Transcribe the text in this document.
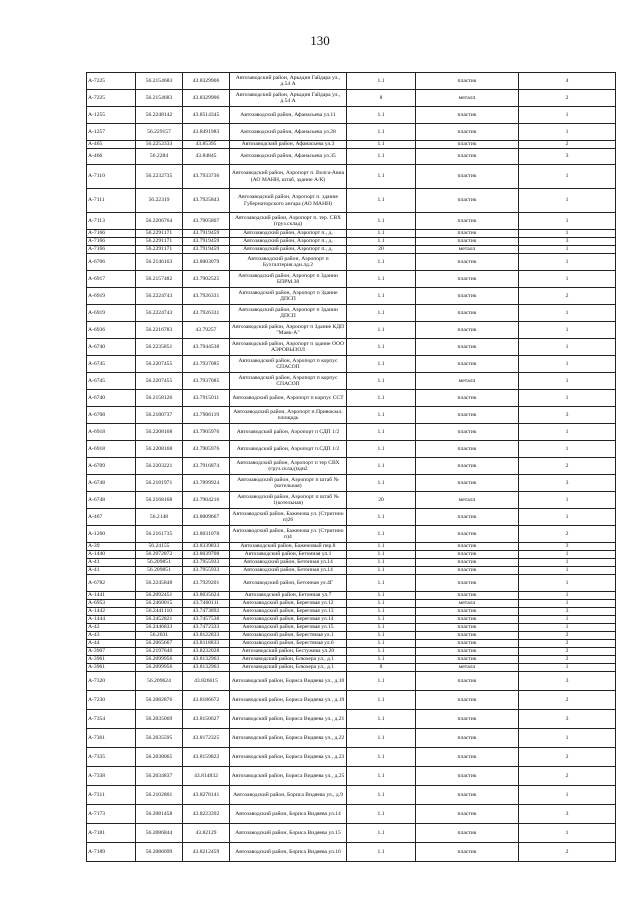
130
А-7225	56.2154683	43.8329906	Автозаводский район, Аркадия Гайдара ул., д.54 А	1.1	пластик	4
А-7225	56.2154683	43.8329906	Автозаводский район, Аркадия Гайдара ул., д.54 А	8	металл	2
А-1255	56.2248142	43.8514345	Автозаводский район, Афанасьева ул.11	1.1	пластик	1
А-1257	56.229157	43.8491983	Автозаводский район, Афанасьева ул.28	1.1	пластик	1
А-465	56.2252333	43.85395	Автозаводский район, Афанасьева ул.3	1.1	пластик	2
А-466	56.2284	43.84845	Автозаводский район, Афанасьева ул.35	1.1	пластик	3
А-7110	56.2232735	43.7933736	Автозаводский район, Аэропорт п. Волга-Авиа (АО МАНН, штаб, здание А/К)	1.1	пластик	1
А-7111	56.22319	43.7925843	Автозаводский район, Аэропорт п. здание Губернаторского ангара (АО МАНН)	1.1	пластик	1
А-7113	56.2206764	43.7905807	Автозаводский район, Аэропорт п. тер. СВХ (груз.склад)	1.1	пластик	1
А-7166	56.2291171	43.7919459	Автозаводский район, Аэропорт п., д.	1.1	пластик	1
А-7166	56.2291171	43.7919459	Автозаводский район, Аэропорт п., д.	1.1	пластик	3
А-7166	56.2291171	43.7919459	Автозаводский район, Аэропорт п., д.	20	металл	1
А-6706	56.2146163	43.8003079	Автозаводский район, Аэропорт п Бухгалтерия.здн.лд.2	1.1	пластик	1
А-6917	56.2157482	43.7902525	Автозаводский район, Аэропорт п Здании БПРМ.38	1.1	пластик	1
А-6919	56.2224743	43.7926331	Автозаводский район, Аэропорт п Здание ДПСП	1.1	пластик	2
А-6919	56.2224743	43.7926331	Автозаводский район, Аэропорт п Здании ДПСП	1.1	пластик	1
А-6936	56.2216783	43.79257	Автозаводский район, Аэропорт п Здание КДП "Маяк-А"	1.1	пластик	1
А-6740	56.2235851	43.7944538	Автозаводский район, Аэропорт п здание ООО АЭРОВЫЗОЛ	1.1	пластик	1
А-6745	56.2207455	43.7937085	Автозаводский район, Аэропорт п корпус СПАСОП	1.1	пластик	1
А-6745	56.2207455	43.7937085	Автозаводский район, Аэропорт п корпус СПАСОП	1.1	металл	1
А-6740	56.2158126	43.7915011	Автозаводский район, Аэропорт п корпус ССТ	1.1	пластик	1
А-6708	56.2180737	43.7906119	Автозаводский район, Аэропорт п.Привокзал. площадь	1.1	пластик	3
А-6918	56.2208168	43.7905976	Автозаводский район, Аэропорт п СДП 1/2	1.1	пластик	1
А-6918	56.2208168	43.7905976	Автозаводский район, Аэропорт п.СДП 1/2	1.1	пластик	1
А-6709	56.2203221	43.7916874	Автозаводский район, Аэропорт п тер СВХ (груз.склад)здн2	1.1	пластик	2
А-6748	56.2181971	43.7899924	Автозаводский район, Аэропорт п штаб № (котельная)	1.1	пластик	3
А-6748	56.2168168	43.7904216	Автозаводский район, Аэропорт п штаб № 1(котельная)	20	металл	1
А-467	56.2148	43.8009667	Автозаводский район, Баженова ул. (Стригино п)26	1.1	пластик	1
А-1260	56.2161735	43.8031078	Автозаводский район, Баженова ул. (Стригино п)4	1.1	пластик	2
А-39	56.24155	43.8339833	Автозаводский район, Баженовый пер.8	1.1	пластик	3
А-1440	56.2072872	43.8039708	Автозаводский район, Бетонная ул.1	1.1	пластик	1
А-41	56.209851	43.7955933	Автозаводский район, Бетонная ул.14	1.1	пластик	1
А-41	56.209851	43.7955933	Автозаводский район, Бетонная ул.14	1.1	пластик	1
А-6782	56.2245848	43.7929201	Автозаводский район, Бетонная ул.4Г	1.1	пластик	1
А-1441	56.2092451	43.8035624	Автозаводский район, Бетонная ул.7	1.1	пластик	1
А-6953	56.2460015	43.7460111	Автозаводский район, Береговая ул.12	1.1	металл	1
А-1442	56.2441110	43.7473892	Автозаводский район, Береговая ул.13	1.1	пластик	3
А-1444	56.2452821	43.7457538	Автозаводский район, Береговая ул.14	1.1	пластик	1
А-42	56.2446833	43.7472333	Автозаводский район, Береговая ул.15	1.1	пластик	1
А-43	56.2031	43.8122833	Автозаводский район, Берестяная ул.1	1.1	пластик	2
А-44	56.2065667	43.8118833	Автозаводский район, Берестяная ул.6	1.1	пластик	2
А-3907	56.2197646	43.8232028	Автозаводский район, Бестужева ул.20	1.1	пластик	2
А-3961	56.2099956	43.8132963	Автозаводский район, Блюхера ул., д.1	1.1	пластик	2
А-3961	56.2099956	43.8132963	Автозаводский район, Блюхера ул., д.1	8	металл	1
А-7320	56.209624	43.826615	Автозаводский район, Бориса Видяева ул., д.10	1.1	пластик	3
А-7230	56.2082876	43.8186672	Автозаводский район, Бориса Видяева ул., д.19	1.1	пластик	2
А-7354	56.2035069	43.8150627	Автозаводский район, Бориса Видяева ул., д.21	1.1	пластик	3
А-7361	56.2035595	43.8172325	Автозаводский район, Бориса Видяева ул., д.22	1.1	пластик	1
А-7335	56.2038065	43.8159822	Автозаводский район, Бориса Видяева ул., д.23	1.1	пластик	2
А-7338	56.2034837	43.814832	Автозаводский район, Бориса Видяева ул., д.25	1.1	пластик	2
А-7311	56.2102801	43.8278141	Автозаводский район, Бориса Видяева ул., д.9	1.1	пластик	1
А-7173	56.2081458	43.8223392	Автозаводский район, Бориса Видяева ул.14	1.1	пластик	3
А-7181	56.2086844	43.82129	Автозаводский район, Бориса Видяева ул.15	1.1	пластик	1
А-7189	56.2086699	43.8212459	Автозаводский район, Бориса Видяева ул.16	1.1	пластик	2
